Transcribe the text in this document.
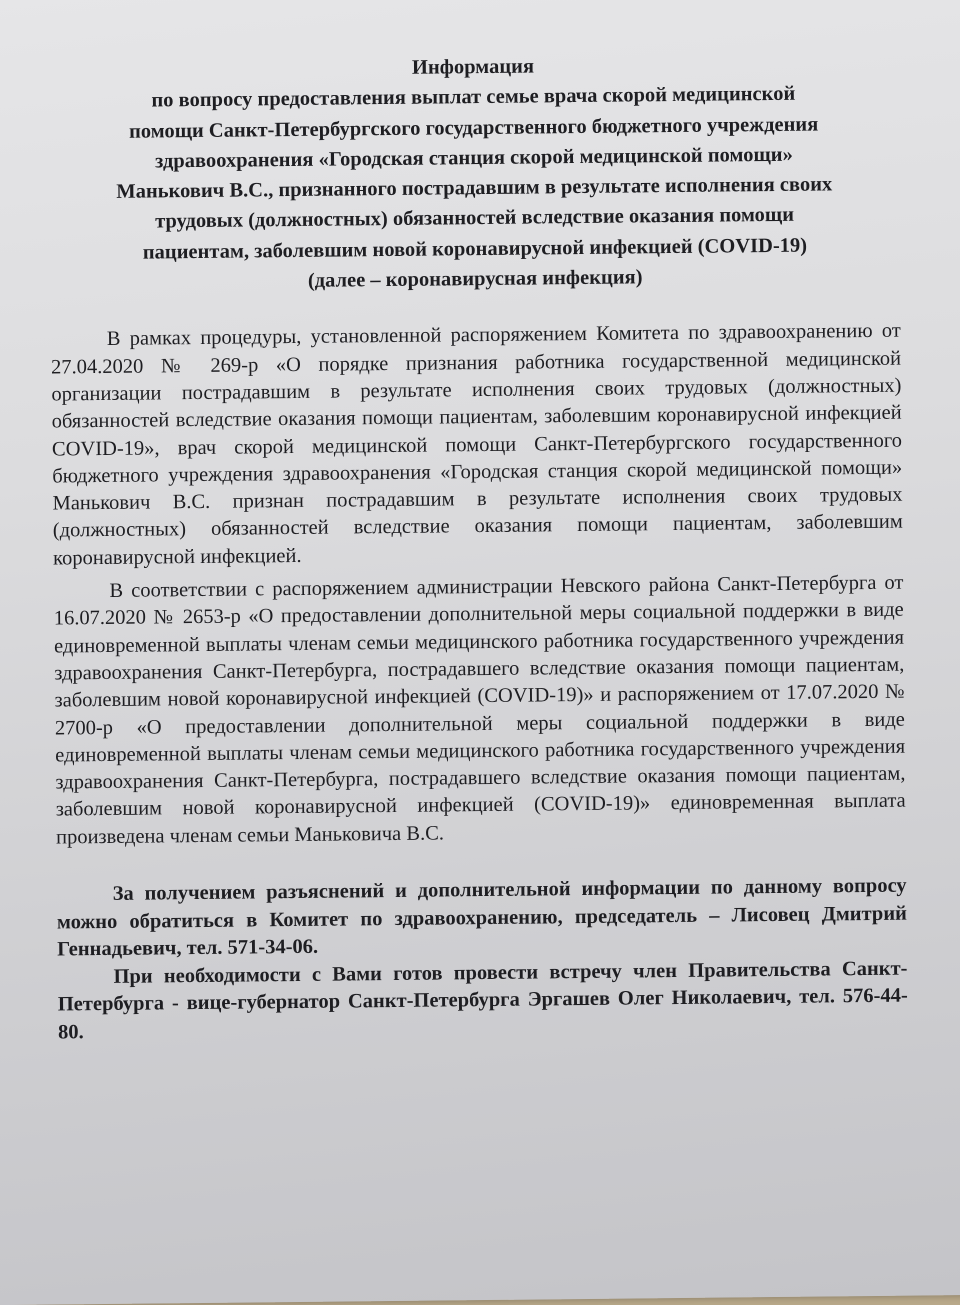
Информация
по вопросу предоставления выплат семье врача скорой медицинской
помощи Санкт-Петербургского государственного бюджетного учреждения
здравоохранения «Городская станция скорой медицинской помощи»
Манькович В.С., признанного пострадавшим в результате исполнения своих
трудовых (должностных) обязанностей вследствие оказания помощи
пациентам, заболевшим новой коронавирусной инфекцией (COVID-19)
(далее – коронавирусная инфекция)

В рамках процедуры, установленной распоряжением Комитета по здравоохранению от 27.04.2020 № 269-р «О порядке признания работника государственной медицинской организации пострадавшим в результате исполнения своих трудовых (должностных) обязанностей вследствие оказания помощи пациентам, заболевшим коронавирусной инфекцией COVID-19», врач скорой медицинской помощи Санкт-Петербургского государственного бюджетного учреждения здравоохранения «Городская станция скорой медицинской помощи» Манькович В.С. признан пострадавшим в результате исполнения своих трудовых (должностных) обязанностей вследствие оказания помощи пациентам, заболевшим коронавирусной инфекцией.

В соответствии с распоряжением администрации Невского района Санкт-Петербурга от 16.07.2020 № 2653-р «О предоставлении дополнительной меры социальной поддержки в виде единовременной выплаты членам семьи медицинского работника государственного учреждения здравоохранения Санкт-Петербурга, пострадавшего вследствие оказания помощи пациентам, заболевшим новой коронавирусной инфекцией (COVID-19)» и распоряжением от 17.07.2020 № 2700-р «О предоставлении дополнительной меры социальной поддержки в виде единовременной выплаты членам семьи медицинского работника государственного учреждения здравоохранения Санкт-Петербурга, пострадавшего вследствие оказания помощи пациентам, заболевшим новой коронавирусной инфекцией (COVID-19)» единовременная выплата произведена членам семьи Маньковича В.С.

За получением разъяснений и дополнительной информации по данному вопросу можно обратиться в Комитет по здравоохранению, председатель – Лисовец Дмитрий Геннадьевич, тел. 571-34-06.

При необходимости с Вами готов провести встречу член Правительства Санкт-Петербурга - вице-губернатор Санкт-Петербурга Эргашев Олег Николаевич, тел. 576-44-80.
